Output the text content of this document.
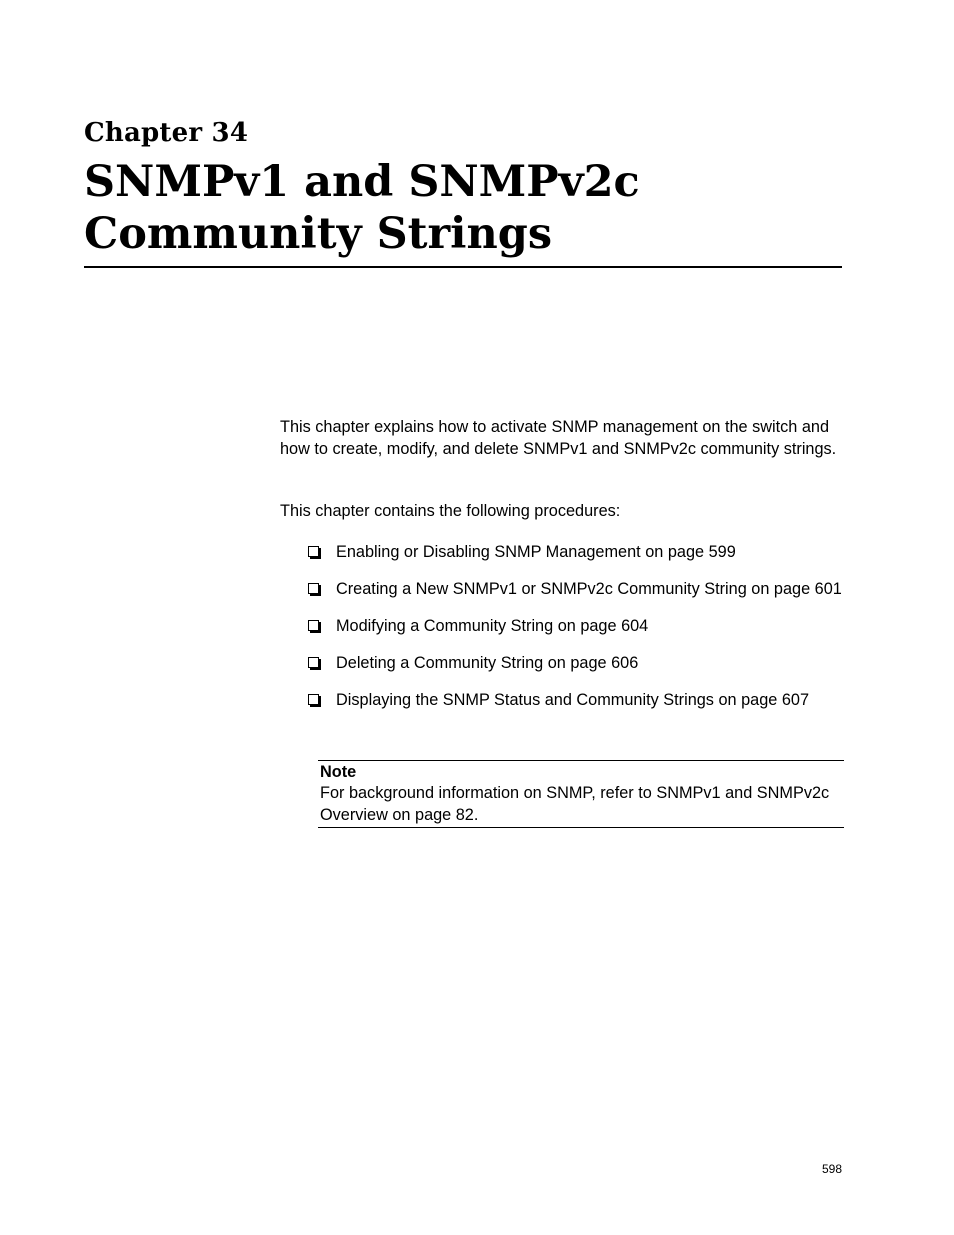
Chapter 34
SNMPv1 and SNMPv2c
Community Strings

This chapter explains how to activate SNMP management on the switch and how to create, modify, and delete SNMPv1 and SNMPv2c community strings.

This chapter contains the following procedures:

Enabling or Disabling SNMP Management on page 599
Creating a New SNMPv1 or SNMPv2c Community String on page 601
Modifying a Community String on page 604
Deleting a Community String on page 606
Displaying the SNMP Status and Community Strings on page 607
Note
For background information on SNMP, refer to SNMPv1 and SNMPv2c Overview on page 82.
598
